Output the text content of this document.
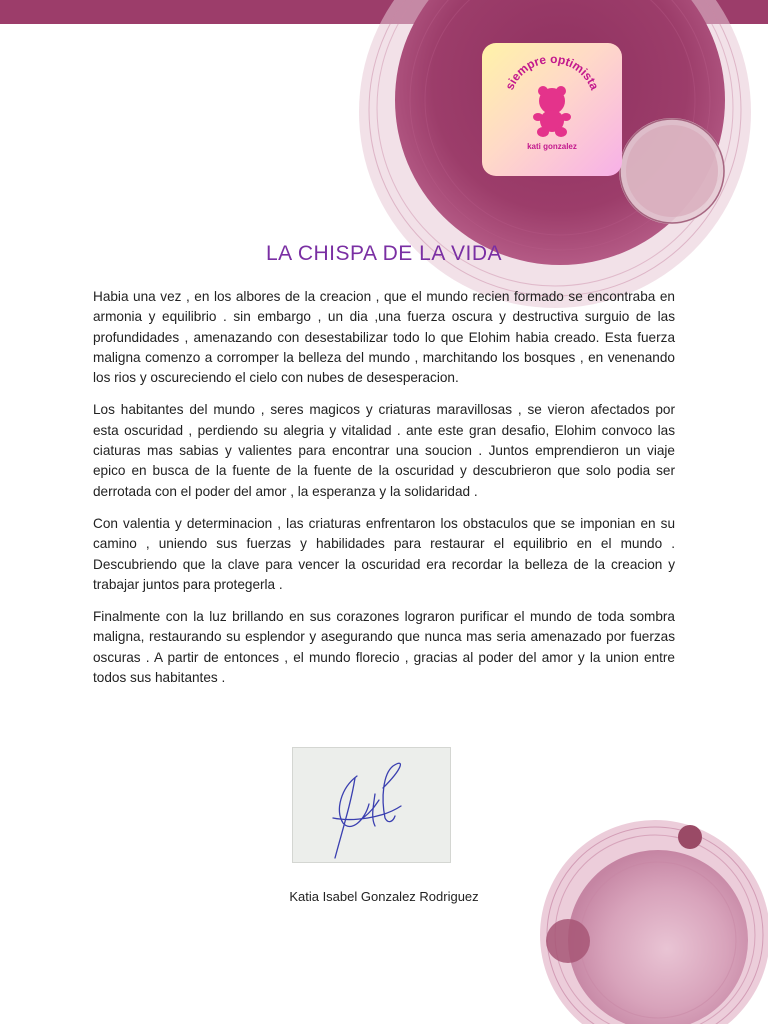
siempre optimista
kati gonzalez
LA CHISPA DE LA VIDA

Habia una vez , en los albores de la creacion , que el mundo recien formado se encontraba en armonia y equilibrio . sin embargo , un dia ,una fuerza oscura y destructiva surguio de las profundidades , amenazando con desestabilizar todo lo que Elohim habia creado. Esta fuerza maligna comenzo a corromper la belleza del mundo , marchitando los bosques , en venenando los rios y oscureciendo el cielo con nubes de desesperacion.

Los habitantes del mundo , seres magicos y criaturas maravillosas , se vieron afectados por esta oscuridad , perdiendo su alegria y vitalidad . ante este gran desafio, Elohim convoco las ciaturas mas sabias y valientes para encontrar una soucion . Juntos emprendieron un viaje epico en busca de la fuente de la fuente de la oscuridad y descubrieron que solo podia ser derrotada con el poder del amor , la esperanza y la solidaridad .

Con valentia y determinacion , las criaturas enfrentaron los obstaculos que se imponian en su camino , uniendo sus fuerzas y habilidades para restaurar el equilibrio en el mundo . Descubriendo que la clave para vencer la oscuridad era recordar la belleza de la creacion y trabajar juntos para protegerla .

Finalmente con la luz brillando en sus corazones lograron purificar el mundo de toda sombra maligna, restaurando su esplendor y asegurando que nunca mas seria amenazado por fuerzas oscuras . A partir de entonces , el mundo florecio , gracias al poder del amor y la union entre todos sus habitantes .

Katia Isabel Gonzalez Rodriguez
